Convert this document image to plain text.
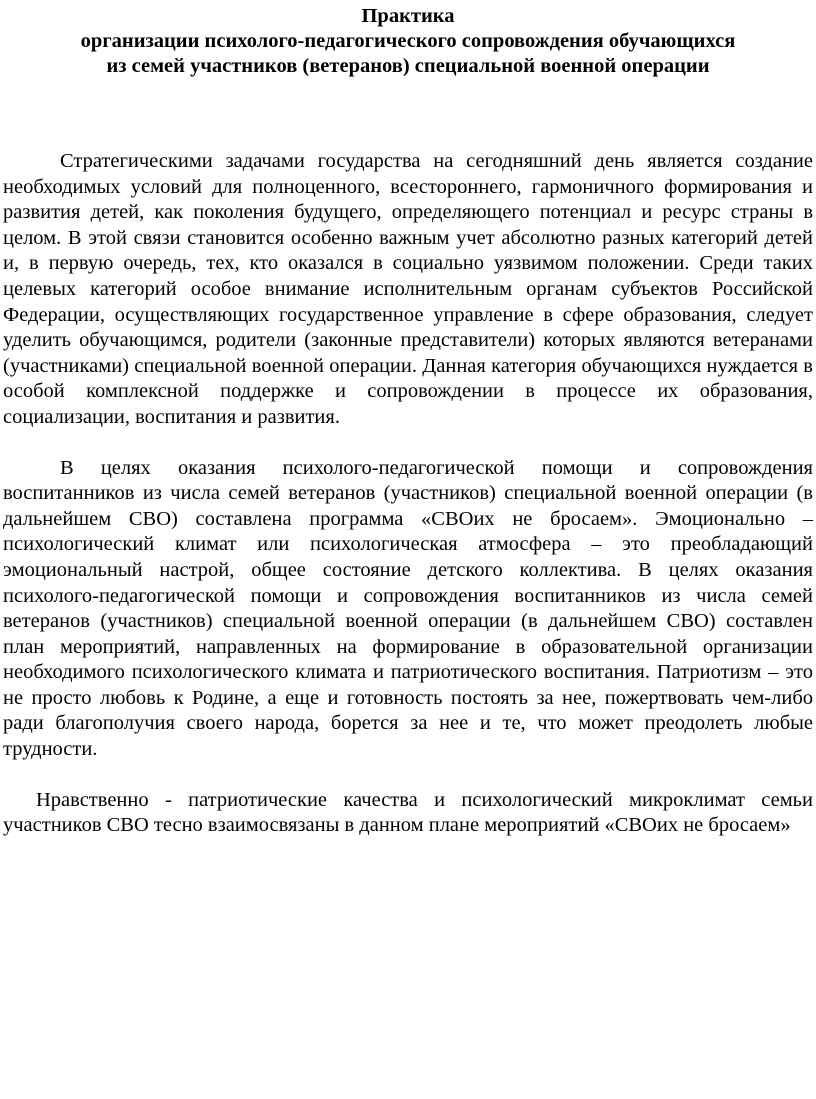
Практика
организации психолого-педагогического сопровождения обучающихся
из семей участников (ветеранов) специальной военной операции

Стратегическими задачами государства на сегодняшний день является создание необходимых условий для полноценного, всестороннего, гармоничного формирования и развития детей, как поколения будущего, определяющего потенциал и ресурс страны в целом. В этой связи становится особенно важным учет абсолютно разных категорий детей и, в первую очередь, тех, кто оказался в социально уязвимом положении. Среди таких целевых категорий особое внимание исполнительным органам субъектов Российской Федерации, осуществляющих государственное управление в сфере образования, следует уделить обучающимся, родители (законные представители) которых являются ветеранами (участниками) специальной военной операции. Данная категория обучающихся нуждается в особой комплексной поддержке и сопровождении в процессе их образования, социализации, воспитания и развития.

В целях оказания психолого-педагогической помощи и сопровождения воспитанников из числа семей ветеранов (участников) специальной военной операции (в дальнейшем СВО) составлена программа «СВОих не бросаем». Эмоционально – психологический климат или психологическая атмосфера – это преобладающий эмоциональный настрой, общее состояние детского коллектива. В целях оказания психолого-педагогической помощи и сопровождения воспитанников из числа семей ветеранов (участников) специальной военной операции (в дальнейшем СВО) составлен план мероприятий, направленных на формирование в образовательной организации необходимого психологического климата и патриотического воспитания. Патриотизм – это не просто любовь к Родине, а еще и готовность постоять за нее, пожертвовать чем-либо ради благополучия своего народа, борется за нее и те, что может преодолеть любые трудности.

Нравственно - патриотические качества и психологический микроклимат семьи участников СВО тесно взаимосвязаны в данном плане мероприятий «СВОих не бросаем»
